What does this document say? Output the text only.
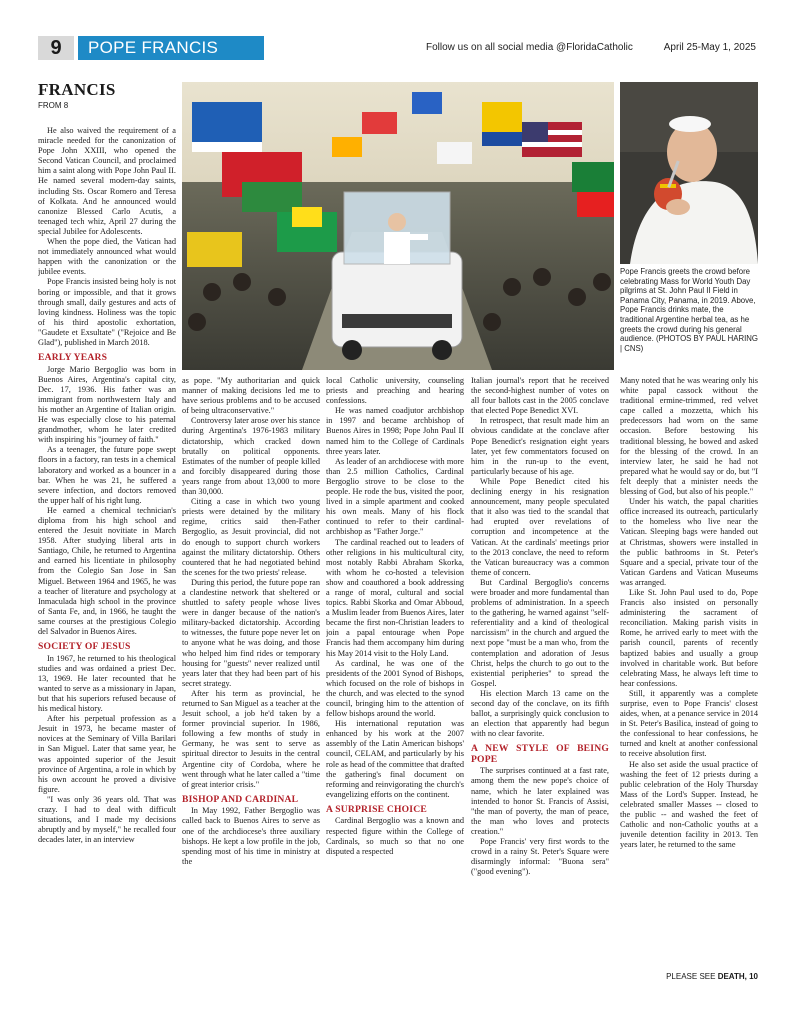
9	POPE FRANCIS	Follow us on all social media @FloridaCatholic	April 25-May 1, 2025
FRANCIS
FROM 8
Pope Francis greets the crowd before celebrating Mass for World Youth Day pilgrims at St. John Paul II Field in Panama City, Panama, in 2019. Above, Pope Francis drinks mate, the traditional Argentine herbal tea, as he greets the crowd during his general audience. (PHOTOS BY PAUL HARING | CNS)

He also waived the requirement of a miracle needed for the canonization of Pope John XXIII, who opened the Second Vatican Council, and proclaimed him a saint along with Pope John Paul II. He named several modern-day saints, including Sts. Oscar Romero and Teresa of Kolkata. And he announced would canonize Blessed Carlo Acutis, a teenaged tech whiz, April 27 during the special Jubilee for Adolescents.

When the pope died, the Vatican had not immediately announced what would happen with the canonization or the jubilee events.

Pope Francis insisted being holy is not boring or impossible, and that it grows through small, daily gestures and acts of loving kindness. Holiness was the topic of his third apostolic exhortation, "Gaudete et Exsultate" ("Rejoice and Be Glad"), published in March 2018.

EARLY YEARS

Jorge Mario Bergoglio was born in Buenos Aires, Argentina's capital city, Dec. 17, 1936. His father was an immigrant from northwestern Italy and his mother an Argentine of Italian origin. He was especially close to his paternal grandmother, whom he later credited with inspiring his "journey of faith."

As a teenager, the future pope swept floors in a factory, ran tests in a chemical laboratory and worked as a bouncer in a bar. When he was 21, he suffered a severe infection, and doctors removed the upper half of his right lung.

He earned a chemical technician's diploma from his high school and entered the Jesuit novitiate in March 1958. After studying liberal arts in Santiago, Chile, he returned to Argentina and earned his licentiate in philosophy from the Colegio San Jose in San Miguel. Between 1964 and 1965, he was a teacher of literature and psychology at Inmaculada high school in the province of Santa Fe, and, in 1966, he taught the same courses at the prestigious Colegio del Salvador in Buenos Aires.

SOCIETY OF JESUS

In 1967, he returned to his theological studies and was ordained a priest Dec. 13, 1969. He later recounted that he wanted to serve as a missionary in Japan, but that his superiors refused because of his medical history.

After his perpetual profession as a Jesuit in 1973, he became master of novices at the Seminary of Villa Barilari in San Miguel. Later that same year, he was appointed superior of the Jesuit province of Argentina, a role in which by his own account he proved a divisive figure.

"I was only 36 years old. That was crazy. I had to deal with difficult situations, and I made my decisions abruptly and by myself," he recalled four decades later, in an interview

as pope. "My authoritarian and quick manner of making decisions led me to have serious problems and to be accused of being ultraconservative."

Controversy later arose over his stance during Argentina's 1976-1983 military dictatorship, which cracked down brutally on political opponents. Estimates of the number of people killed and forcibly disappeared during those years range from about 13,000 to more than 30,000.

Citing a case in which two young priests were detained by the military regime, critics said then-Father Bergoglio, as Jesuit provincial, did not do enough to support church workers against the military dictatorship. Others countered that he had negotiated behind the scenes for the two priests' release.

During this period, the future pope ran a clandestine network that sheltered or shuttled to safety people whose lives were in danger because of the nation's military-backed dictatorship. According to witnesses, the future pope never let on to anyone what he was doing, and those who helped him find rides or temporary housing for "guests" never realized until years later that they had been part of his secret strategy.

After his term as provincial, he returned to San Miguel as a teacher at the Jesuit school, a job he'd taken by a former provincial superior. In 1986, following a few months of study in Germany, he was sent to serve as spiritual director to Jesuits in the central Argentine city of Cordoba, where he went through what he later called a "time of great interior crisis."

BISHOP AND CARDINAL

In May 1992, Father Bergoglio was called back to Buenos Aires to serve as one of the archdiocese's three auxiliary bishops. He kept a low profile in the job, spending most of his time in ministry at the

local Catholic university, counseling priests and preaching and hearing confessions.

He was named coadjutor archbishop in 1997 and became archbishop of Buenos Aires in 1998; Pope John Paul II named him to the College of Cardinals three years later.

As leader of an archdiocese with more than 2.5 million Catholics, Cardinal Bergoglio strove to be close to the people. He rode the bus, visited the poor, lived in a simple apartment and cooked his own meals. Many of his flock continued to refer to their cardinal-archbishop as "Father Jorge."

The cardinal reached out to leaders of other religions in his multicultural city, most notably Rabbi Abraham Skorka, with whom he co-hosted a television show and coauthored a book addressing a range of moral, cultural and social topics. Rabbi Skorka and Omar Abboud, a Muslim leader from Buenos Aires, later became the first non-Christian leaders to join a papal entourage when Pope Francis had them accompany him during his May 2014 visit to the Holy Land.

As cardinal, he was one of the presidents of the 2001 Synod of Bishops, which focused on the role of bishops in the church, and was elected to the synod council, bringing him to the attention of fellow bishops around the world.

His international reputation was enhanced by his work at the 2007 assembly of the Latin American bishops' council, CELAM, and particularly by his role as head of the committee that drafted the gathering's final document on reforming and reinvigorating the church's evangelizing efforts on the continent.

A SURPRISE CHOICE

Cardinal Bergoglio was a known and respected figure within the College of Cardinals, so much so that no one disputed a respected

Italian journal's report that he received the second-highest number of votes on all four ballots cast in the 2005 conclave that elected Pope Benedict XVI.

In retrospect, that result made him an obvious candidate at the conclave after Pope Benedict's resignation eight years later, yet few commentators focused on him in the run-up to the event, particularly because of his age.

While Pope Benedict cited his declining energy in his resignation announcement, many people speculated that it also was tied to the scandal that had erupted over revelations of corruption and incompetence at the Vatican. At the cardinals' meetings prior to the 2013 conclave, the need to reform the Vatican bureaucracy was a common theme of concern.

But Cardinal Bergoglio's concerns were broader and more fundamental than problems of administration. In a speech to the gathering, he warned against "self-referentiality and a kind of theological narcissism" in the church and argued the next pope "must be a man who, from the contemplation and adoration of Jesus Christ, helps the church to go out to the existential peripheries" to spread the Gospel.

His election March 13 came on the second day of the conclave, on its fifth ballot, a surprisingly quick conclusion to an election that apparently had begun with no clear favorite.

A NEW STYLE OF BEING POPE

The surprises continued at a fast rate, among them the new pope's choice of name, which he later explained was intended to honor St. Francis of Assisi, "the man of poverty, the man of peace, the man who loves and protects creation."

Pope Francis' very first words to the crowd in a rainy St. Peter's Square were disarmingly informal: "Buona sera" ("good evening").

Many noted that he was wearing only his white papal cassock without the traditional ermine-trimmed, red velvet cape called a mozzetta, which his predecessors had worn on the same occasion. Before bestowing his traditional blessing, he bowed and asked for the blessing of the crowd. In an interview later, he said he had not prepared what he would say or do, but "I felt deeply that a minister needs the blessing of God, but also of his people."

Under his watch, the papal charities office increased its outreach, particularly to the homeless who live near the Vatican. Sleeping bags were handed out at Christmas, showers were installed in the public bathrooms in St. Peter's Square and a special, private tour of the Vatican Gardens and Vatican Museums was arranged.

Like St. John Paul used to do, Pope Francis also insisted on personally administering the sacrament of reconciliation. Making parish visits in Rome, he arrived early to meet with the parish council, parents of recently baptized babies and usually a group involved in charitable work. But before celebrating Mass, he always left time to hear confessions.

Still, it apparently was a complete surprise, even to Pope Francis' closest aides, when, at a penance service in 2014 in St. Peter's Basilica, instead of going to the confessional to hear confessions, he turned and knelt at another confessional to receive absolution first.

He also set aside the usual practice of washing the feet of 12 priests during a public celebration of the Holy Thursday Mass of the Lord's Supper. Instead, he celebrated smaller Masses -- closed to the public -- and washed the feet of Catholic and non-Catholic youths at a juvenile detention facility in 2013. Ten years later, he returned to the same

PLEASE SEE DEATH, 10
